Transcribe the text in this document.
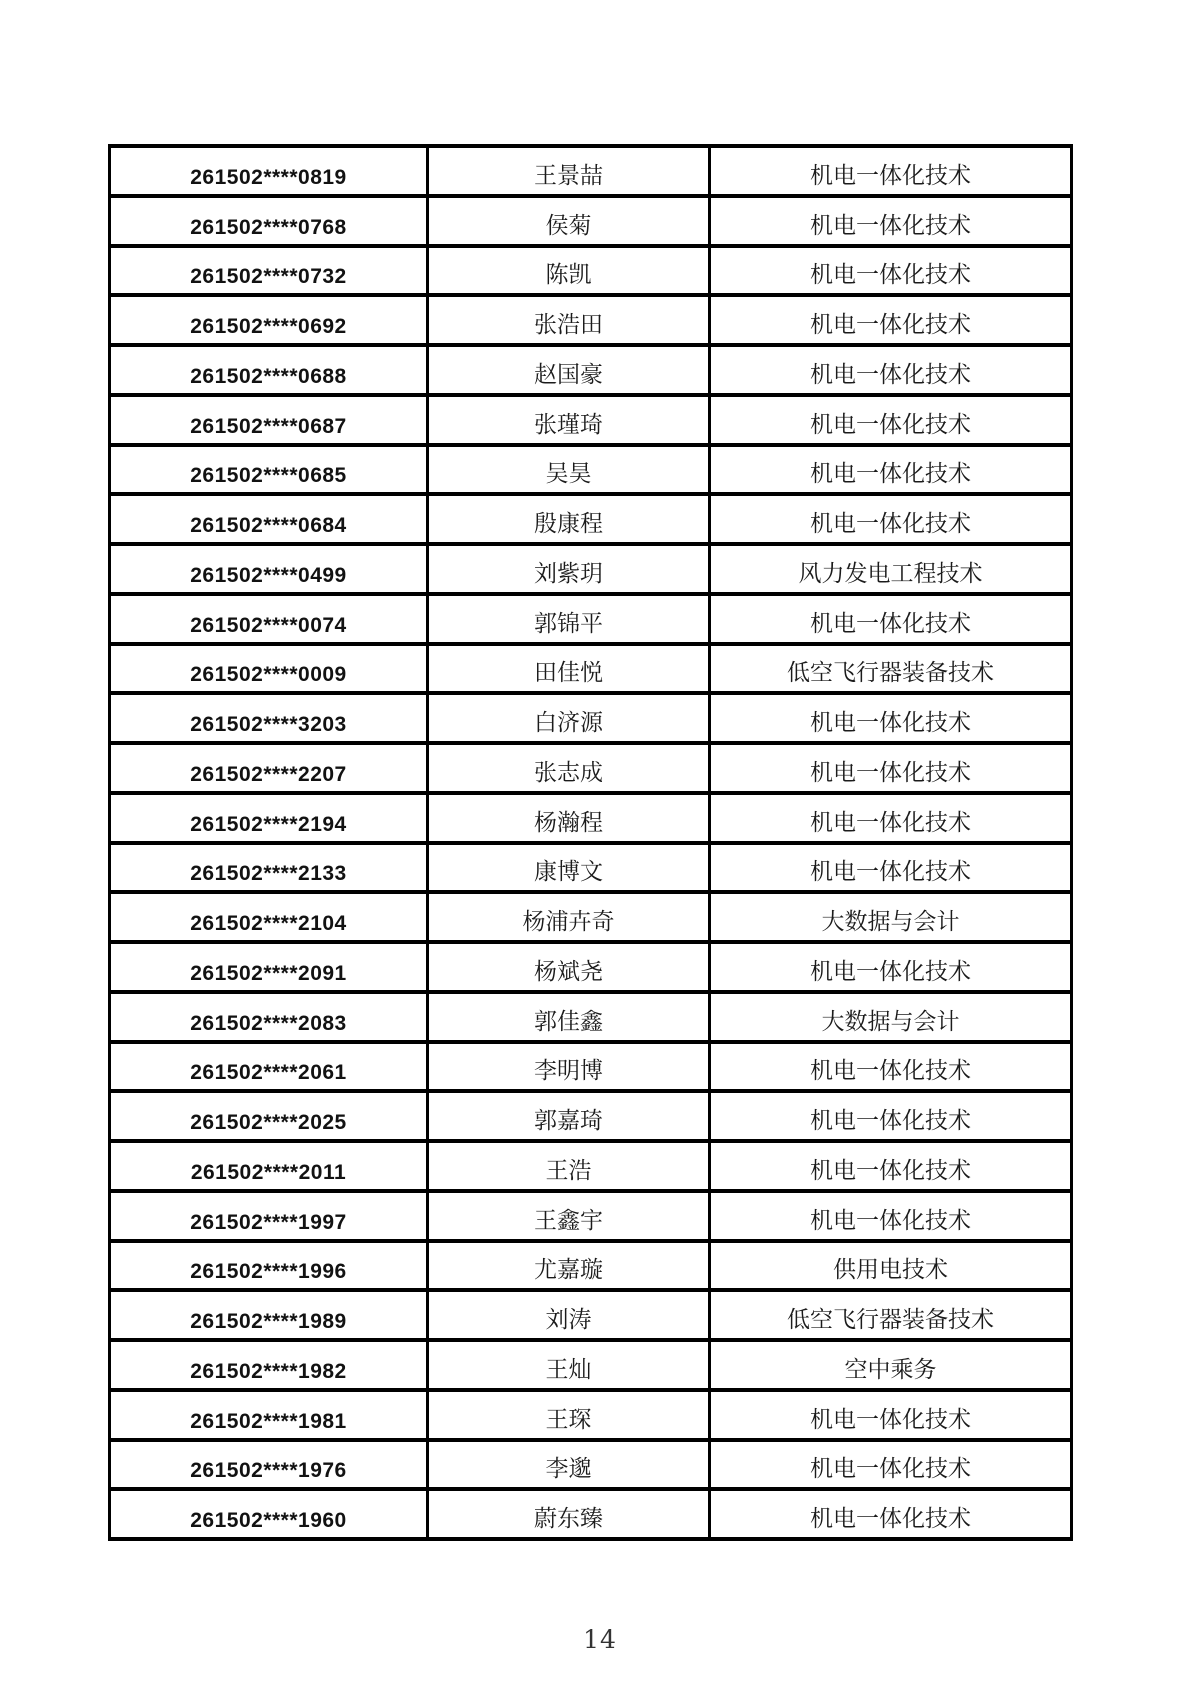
261502****0819	王景喆	机电一体化技术
261502****0768	侯菊	机电一体化技术
261502****0732	陈凯	机电一体化技术
261502****0692	张浩田	机电一体化技术
261502****0688	赵国豪	机电一体化技术
261502****0687	张瑾琦	机电一体化技术
261502****0685	吴昊	机电一体化技术
261502****0684	殷康程	机电一体化技术
261502****0499	刘紫玥	风力发电工程技术
261502****0074	郭锦平	机电一体化技术
261502****0009	田佳悦	低空飞行器装备技术
261502****3203	白济源	机电一体化技术
261502****2207	张志成	机电一体化技术
261502****2194	杨瀚程	机电一体化技术
261502****2133	康博文	机电一体化技术
261502****2104	杨浦卉奇	大数据与会计
261502****2091	杨斌尧	机电一体化技术
261502****2083	郭佳鑫	大数据与会计
261502****2061	李明博	机电一体化技术
261502****2025	郭嘉琦	机电一体化技术
261502****2011	王浩	机电一体化技术
261502****1997	王鑫宇	机电一体化技术
261502****1996	尤嘉璇	供用电技术
261502****1989	刘涛	低空飞行器装备技术
261502****1982	王灿	空中乘务
261502****1981	王琛	机电一体化技术
261502****1976	李邈	机电一体化技术
261502****1960	蔚东臻	机电一体化技术
14
